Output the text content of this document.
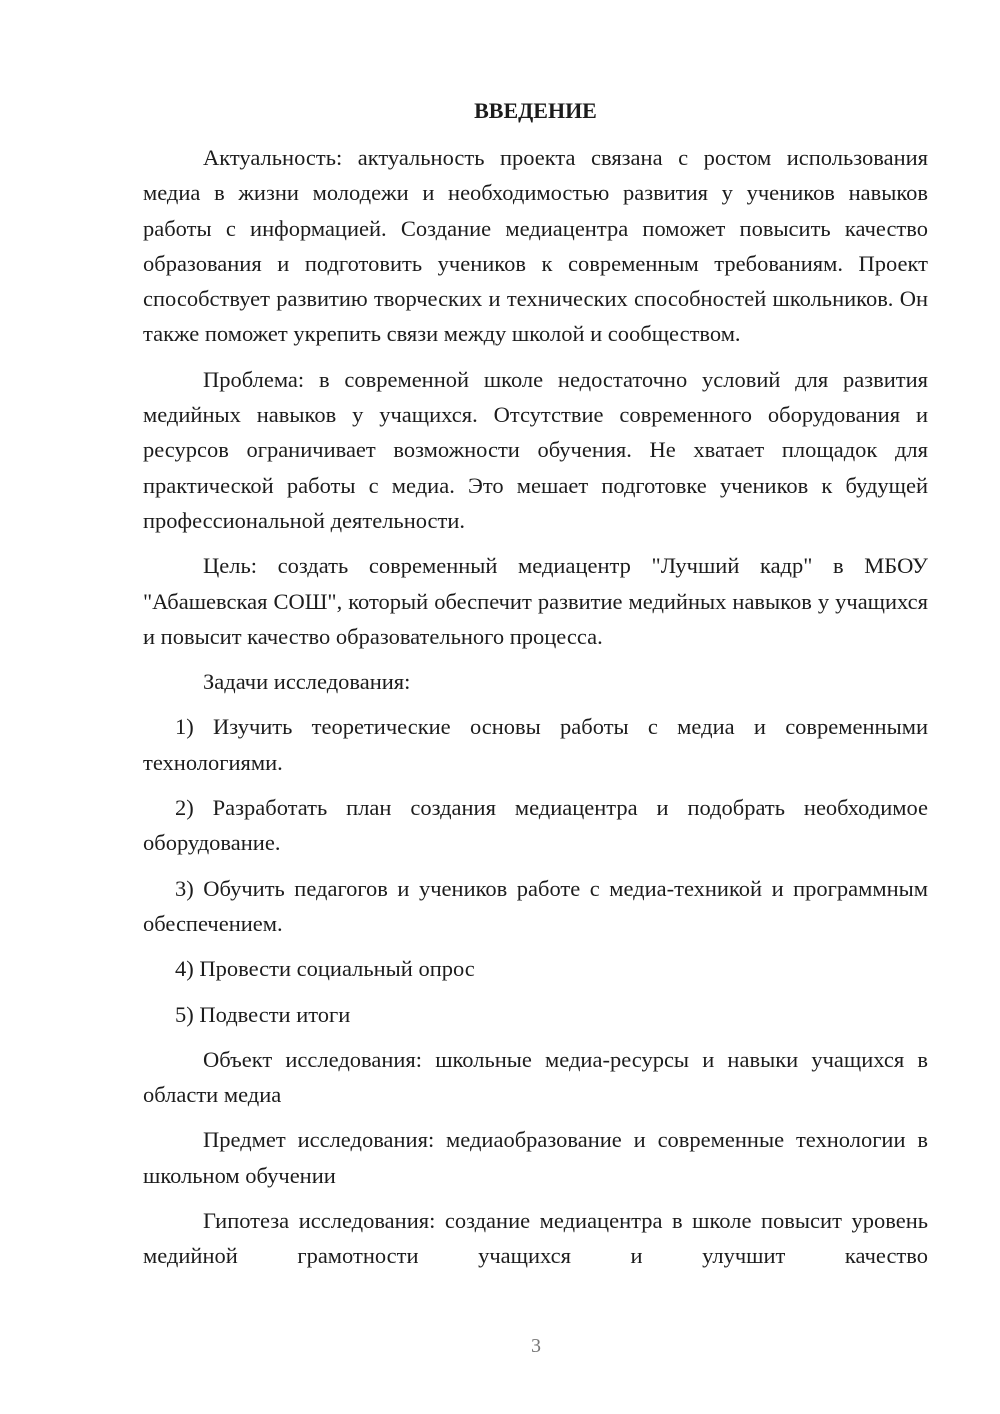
ВВЕДЕНИЕ

Актуальность: актуальность проекта связана с ростом использования медиа в жизни молодежи и необходимостью развития у учеников навыков работы с информацией. Создание медиацентра поможет повысить качество образования и подготовить учеников к современным требованиям. Проект способствует развитию творческих и технических способностей школьников. Он также поможет укрепить связи между школой и сообществом.

Проблема: в современной школе недостаточно условий для развития медийных навыков у учащихся. Отсутствие современного оборудования и ресурсов ограничивает возможности обучения. Не хватает площадок для практической работы с медиа. Это мешает подготовке учеников к будущей профессиональной деятельности.

Цель: создать современный медиацентр "Лучший кадр" в МБОУ "Абашевская СОШ", который обеспечит развитие медийных навыков у учащихся и повысит качество образовательного процесса.

Задачи исследования:

1) Изучить теоретические основы работы с медиа и современными технологиями.

2) Разработать план создания медиацентра и подобрать необходимое оборудование.

3) Обучить педагогов и учеников работе с медиа-техникой и программным обеспечением.

4) Провести социальный опрос

5) Подвести итоги

Объект исследования: школьные медиа-ресурсы и навыки учащихся в области медиа

Предмет исследования: медиаобразование и современные технологии в школьном обучении

Гипотеза исследования: создание медиацентра в школе повысит уровень медийной грамотности учащихся и улучшит качество

3
